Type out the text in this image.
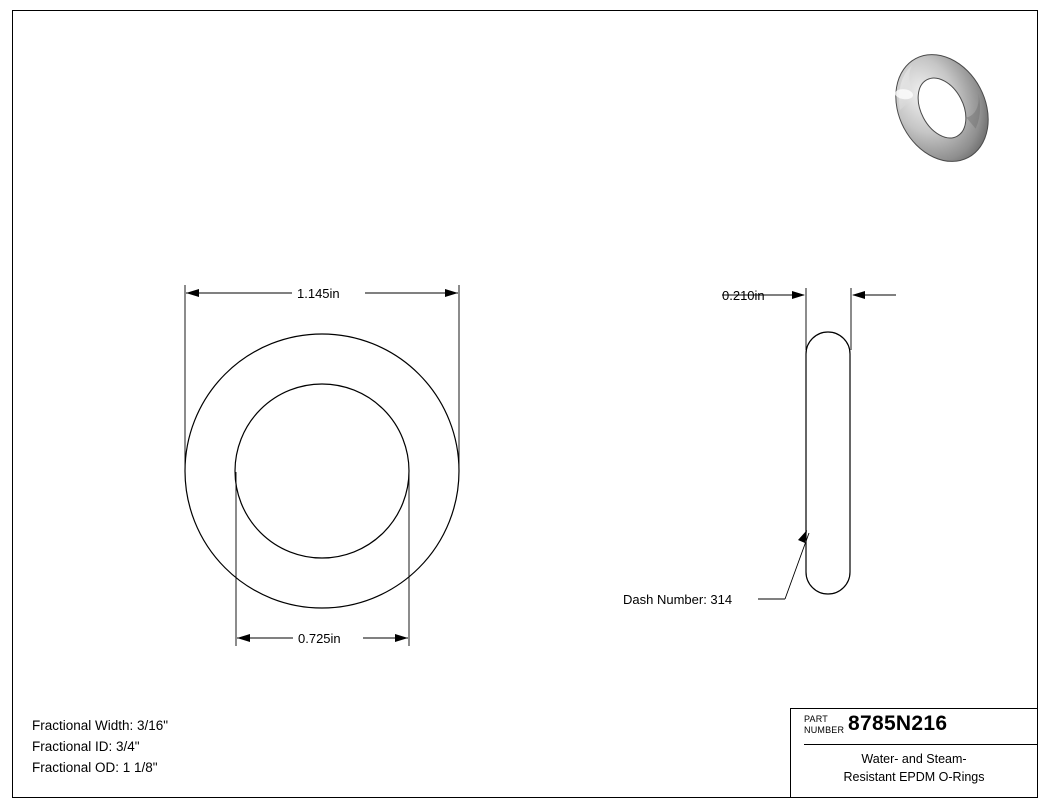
1.145in
0.725in
0.210in
Dash Number: 314
Fractional Width: 3/16"
Fractional ID: 3/4"
Fractional OD: 1 1/8"
PART
NUMBER 8785N216
Water- and Steam-
Resistant EPDM O-Rings
